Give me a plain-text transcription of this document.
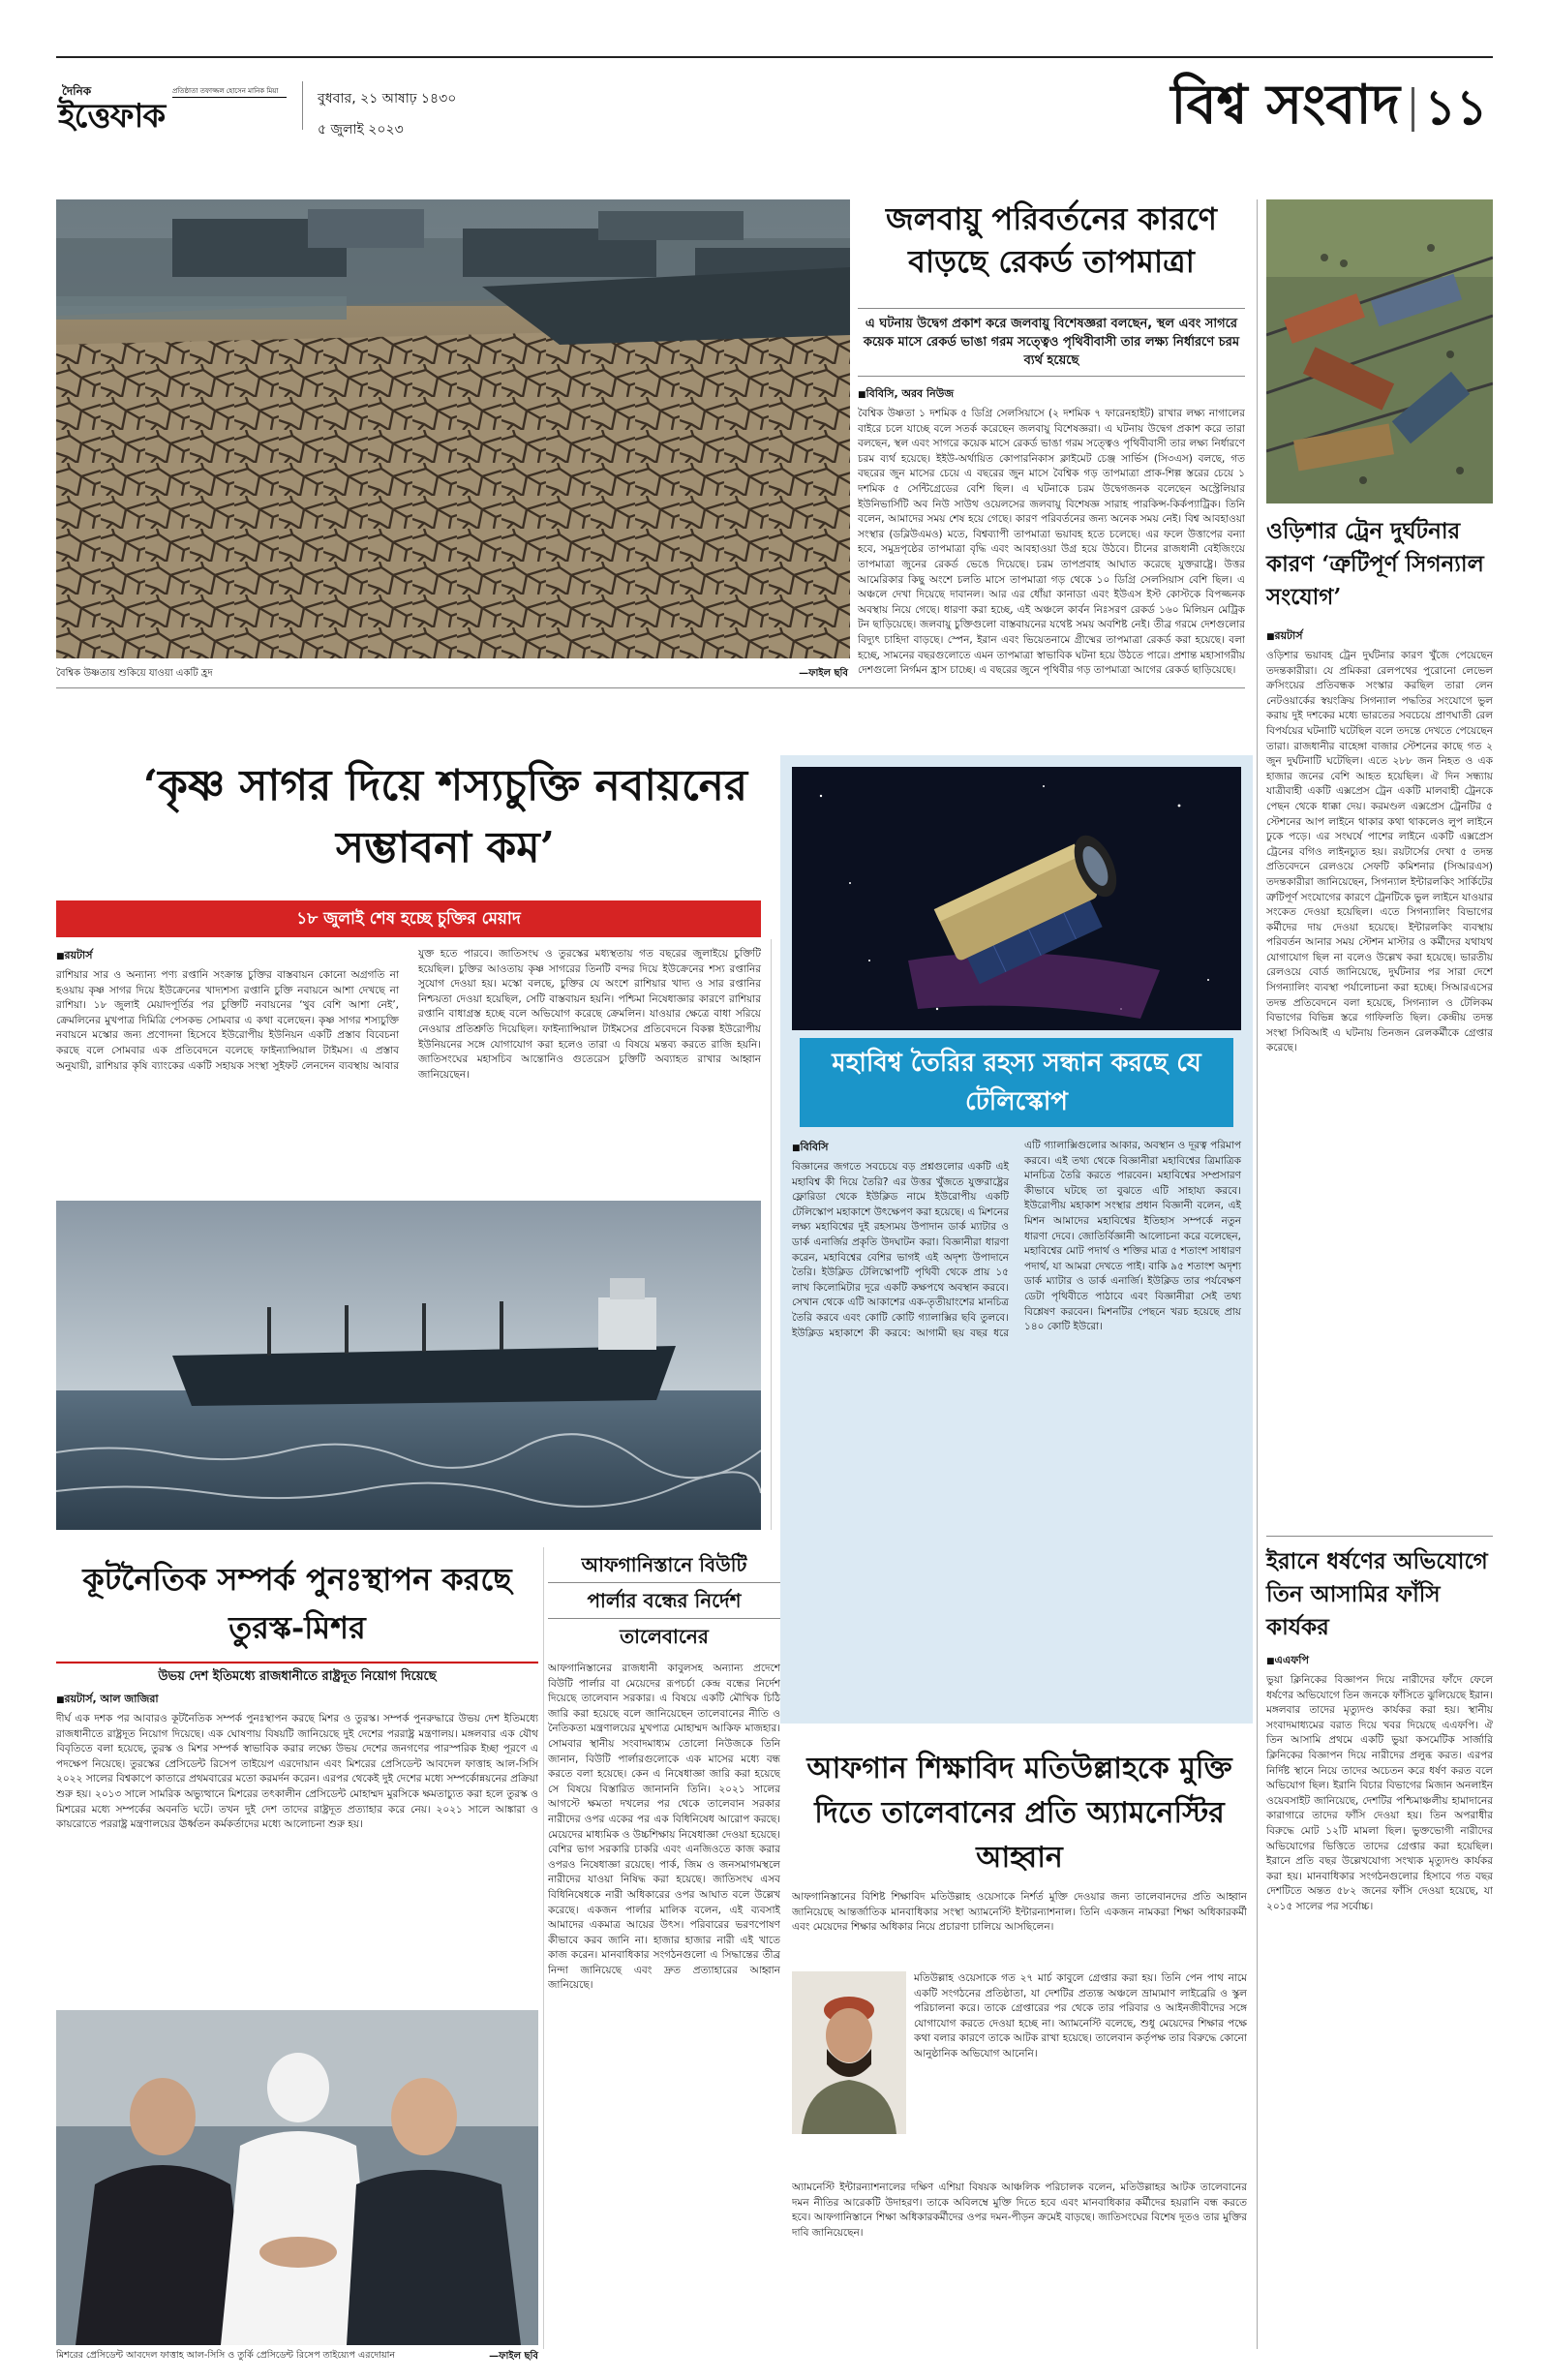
দৈনিক
ইত্তেফাক
প্রতিষ্ঠাতা তফাজ্জল হোসেন মানিক মিয়া	বুধবার, ২১ আষাঢ় ১৪৩০
৫ জুলাই ২০২৩	বিশ্ব সংবাদ ১১
বৈশ্বিক উষ্ণতায় শুকিয়ে যাওয়া একটি হ্রদ	—ফাইল ছবি
জলবায়ু পরিবর্তনের কারণে বাড়ছে রেকর্ড তাপমাত্রা
এ ঘটনায় উদ্বেগ প্রকাশ করে জলবায়ু বিশেষজ্ঞরা বলছেন, স্থল এবং সাগরে কয়েক মাসে রেকর্ড ভাঙা গরম সত্ত্বেও পৃথিবীবাসী তার লক্ষ্য নির্ধারণে চরম ব্যর্থ হয়েছে
■ বিবিসি, অরব নিউজ
বৈশ্বিক উষ্ণতা ১ দশমিক ৫ ডিগ্রি সেলসিয়াসে (২ দশমিক ৭ ফারেনহাইট) রাখার লক্ষ্য নাগালের বাইরে চলে যাচ্ছে বলে সতর্ক করেছেন জলবায়ু বিশেষজ্ঞরা। এ ঘটনায় উদ্বেগ প্রকাশ করে তারা বলছেন, স্থল এবং সাগরে কয়েক মাসে রেকর্ড ভাঙা গরম সত্ত্বেও পৃথিবীবাসী তার লক্ষ্য নির্ধারণে চরম ব্যর্থ হয়েছে। ইইউ-অর্থায়িত কোপারনিকাস ক্লাইমেট চেঞ্জ সার্ভিস (সি৩এস) বলছে, গত বছরের জুন মাসের চেয়ে এ বছরের জুন মাসে বৈশ্বিক গড় তাপমাত্রা প্রাক-শিল্প স্তরের চেয়ে ১ দশমিক ৫ সেন্টিগ্রেডের বেশি ছিল। এ ঘটনাকে চরম উদ্বেগজনক বলেছেন অস্ট্রেলিয়ার ইউনিভার্সিটি অব নিউ সাউথ ওয়েলসের জলবায়ু বিশেষজ্ঞ সারাহ পারকিন্স-কির্কপ্যাট্রিক। তিনি বলেন, আমাদের সময় শেষ হয়ে গেছে। কারণ পরিবর্তনের জন্য অনেক সময় নেই। বিশ্ব আবহাওয়া সংস্থার (ডব্লিউএমও) মতে, বিশ্বব্যাপী তাপমাত্রা ভয়াবহ হতে চলেছে। এর ফলে উত্তাপের বন্যা হবে, সমুদ্রপৃষ্ঠের তাপমাত্রা বৃদ্ধি এবং আবহাওয়া উগ্র হয়ে উঠবে। চীনের রাজধানী বেইজিংয়ে তাপমাত্রা জুনের রেকর্ড ভেঙে দিয়েছে। চরম তাপপ্রবাহ আঘাত করেছে যুক্তরাষ্ট্রে। উত্তর আমেরিকার কিছু অংশে চলতি মাসে তাপমাত্রা গড় থেকে ১০ ডিগ্রি সেলসিয়াস বেশি ছিল। এ অঞ্চলে দেখা দিয়েছে দাবানল। আর এর ধোঁয়া কানাডা এবং ইউএস ইস্ট কোস্টকে বিপজ্জনক অবস্থায় নিয়ে গেছে। ধারণা করা হচ্ছে, এই অঞ্চলে কার্বন নিঃসরণ রেকর্ড ১৬০ মিলিয়ন মেট্রিক টন ছাড়িয়েছে। জলবায়ু চুক্তিগুলো বাস্তবায়নের যথেষ্ট সময় অবশিষ্ট নেই। তীব্র গরমে দেশগুলোর বিদ্যুৎ চাহিদা বাড়ছে। স্পেন, ইরান এবং ভিয়েতনামে গ্রীষ্মের তাপমাত্রা রেকর্ড করা হয়েছে। বলা হচ্ছে, সামনের বছরগুলোতে এমন তাপমাত্রা স্বাভাবিক ঘটনা হয়ে উঠতে পারে। প্রশান্ত মহাসাগরীয় দেশগুলো নির্গমন হ্রাস চাচ্ছে। এ বছরের জুনে পৃথিবীর গড় তাপমাত্রা আগের রেকর্ড ছাড়িয়েছে।
ওড়িশার ট্রেন দুর্ঘটনার কারণ ‘ত্রুটিপূর্ণ সিগন্যাল সংযোগ’
■ রয়টার্স
ওড়িশার ভয়াবহ ট্রেন দুর্ঘটনার কারণ খুঁজে পেয়েছেন তদন্তকারীরা। যে প্রমিকরা রেলপথের পুরোনো লেভেল ক্রসিংয়ের প্রতিবন্ধক সংস্কার করছিল তারা লেন নেটওয়ার্কের স্বয়ংক্রিয় সিগন্যাল পদ্ধতির সংযোগে ভুল করায় দুই দশকের মধ্যে ভারতের সবচেয়ে প্রাণঘাতী রেল বিপর্যয়ের ঘটনাটি ঘটেছিল বলে তদন্তে দেখতে পেয়েছেন তারা। রাজধানীর বাহেঙ্গা বাজার স্টেশনের কাছে গত ২ জুন দুর্ঘটনাটি ঘটেছিল। এতে ২৮৮ জন নিহত ও এক হাজার জনের বেশি আহত হয়েছিল। ঐ দিন সন্ধ্যায় যাত্রীবাহী একটি এক্সপ্রেস ট্রেন একটি মালবাহী ট্রেনকে পেছন থেকে ধাক্কা দেয়। করমণ্ডল এক্সপ্রেস ট্রেনটির ৫ স্টেশনের আপ লাইনে থাকার কথা থাকলেও লুপ লাইনে ঢুকে পড়ে। এর সংঘর্ষে পাশের লাইনে একটি এক্সপ্রেস ট্রেনের বগিও লাইনচ্যুত হয়। রয়টার্সের দেখা ৫ তদন্ত প্রতিবেদনে রেলওয়ে সেফটি কমিশনার (সিআরএস) তদন্তকারীরা জানিয়েছেন, সিগন্যাল ইন্টারলকিং সার্কিটের ত্রুটিপূর্ণ সংযোগের কারণে ট্রেনটিকে ভুল লাইনে যাওয়ার সংকেত দেওয়া হয়েছিল। এতে সিগন্যালিং বিভাগের কর্মীদের দায় দেওয়া হয়েছে। ইন্টারলকিং ব্যবস্থায় পরিবর্তন আনার সময় স্টেশন মাস্টার ও কর্মীদের যথাযথ যোগাযোগ ছিল না বলেও উল্লেখ করা হয়েছে। ভারতীয় রেলওয়ে বোর্ড জানিয়েছে, দুর্ঘটনার পর সারা দেশে সিগন্যালিং ব্যবস্থা পর্যালোচনা করা হচ্ছে। সিআরএসের তদন্ত প্রতিবেদনে বলা হয়েছে, সিগন্যাল ও টেলিকম বিভাগের বিভিন্ন স্তরে গাফিলতি ছিল। কেন্দ্রীয় তদন্ত সংস্থা সিবিআই এ ঘটনায় তিনজন রেলকর্মীকে গ্রেপ্তার করেছে।
ইরানে ধর্ষণের অভিযোগে তিন আসামির ফাঁসি কার্যকর
■ এএফপি
ভুয়া ক্লিনিকের বিজ্ঞাপন দিয়ে নারীদের ফাঁদে ফেলে ধর্ষণের অভিযোগে তিন জনকে ফাঁসিতে ঝুলিয়েছে ইরান। মঙ্গলবার তাদের মৃত্যুদণ্ড কার্যকর করা হয়। স্থানীয় সংবাদমাধ্যমের বরাত দিয়ে খবর দিয়েছে এএফপি। ঐ তিন আসামি প্রথমে একটি ভুয়া কসমেটিক সার্জারি ক্লিনিকের বিজ্ঞাপন দিয়ে নারীদের প্রলুব্ধ করত। এরপর নির্দিষ্ট স্থানে নিয়ে তাদের অচেতন করে ধর্ষণ করত বলে অভিযোগ ছিল। ইরানি বিচার বিভাগের মিজান অনলাইন ওয়েবসাইট জানিয়েছে, দেশটির পশ্চিমাঞ্চলীয় হামাদানের কারাগারে তাদের ফাঁসি দেওয়া হয়। তিন অপরাধীর বিরুদ্ধে মোট ১২টি মামলা ছিল। ভুক্তভোগী নারীদের অভিযোগের ভিত্তিতে তাদের গ্রেপ্তার করা হয়েছিল। ইরানে প্রতি বছর উল্লেখযোগ্য সংখ্যক মৃত্যুদণ্ড কার্যকর করা হয়। মানবাধিকার সংগঠনগুলোর হিসাবে গত বছর দেশটিতে অন্তত ৫৮২ জনের ফাঁসি দেওয়া হয়েছে, যা ২০১৫ সালের পর সর্বোচ্চ।
‘কৃষ্ণ সাগর দিয়ে শস্যচুক্তি নবায়নের সম্ভাবনা কম’
১৮ জুলাই শেষ হচ্ছে চুক্তির মেয়াদ
■ রয়টার্স
রাশিয়ার সার ও অন্যান্য পণ্য রপ্তানি সংক্রান্ত চুক্তির বাস্তবায়ন কোনো অগ্রগতি না হওয়ায় কৃষ্ণ সাগর দিয়ে ইউক্রেনের খাদ্যশস্য রপ্তানি চুক্তি নবায়নে আশা দেখছে না রাশিয়া। ১৮ জুলাই মেয়াদপূর্তির পর চুক্তিটি নবায়নের ‘খুব বেশি আশা নেই’, ক্রেমলিনের মুখপাত্র দিমিত্রি পেসকভ সোমবার এ কথা বলেছেন। কৃষ্ণ সাগর শস্যচুক্তি নবায়নে মস্কোর জন্য প্রণোদনা হিসেবে ইউরোপীয় ইউনিয়ন একটি প্রস্তাব বিবেচনা করছে বলে সোমবার এক প্রতিবেদনে বলেছে ফাইন্যান্সিয়াল টাইমস। এ প্রস্তাব অনুযায়ী, রাশিয়ার কৃষি ব্যাংকের একটি সহায়ক সংস্থা সুইফট লেনদেন ব্যবস্থায় আবার যুক্ত হতে পারবে। জাতিসংঘ ও তুরস্কের মধ্যস্থতায় গত বছরের জুলাইয়ে চুক্তিটি হয়েছিল। চুক্তির আওতায় কৃষ্ণ সাগরের তিনটি বন্দর দিয়ে ইউক্রেনের শস্য রপ্তানির সুযোগ দেওয়া হয়। মস্কো বলছে, চুক্তির যে অংশে রাশিয়ার খাদ্য ও সার রপ্তানির নিশ্চয়তা দেওয়া হয়েছিল, সেটি বাস্তবায়ন হয়নি। পশ্চিমা নিষেধাজ্ঞার কারণে রাশিয়ার রপ্তানি বাধাগ্রস্ত হচ্ছে বলে অভিযোগ করেছে ক্রেমলিন। যাওয়ার ক্ষেত্রে বাধা সরিয়ে নেওয়ার প্রতিশ্রুতি দিয়েছিল। ফাইন্যান্সিয়াল টাইমসের প্রতিবেদনে বিকল্প ইউরোপীয় ইউনিয়নের সঙ্গে যোগাযোগ করা হলেও তারা এ বিষয়ে মন্তব্য করতে রাজি হয়নি। জাতিসংঘের মহাসচিব আন্তোনিও গুতেরেস চুক্তিটি অব্যাহত রাখার আহ্বান জানিয়েছেন।	মহাবিশ্ব তৈরির রহস্য সন্ধান করছে যে টেলিস্কোপ
■ বিবিসি
বিজ্ঞানের জগতে সবচেয়ে বড় প্রশ্নগুলোর একটি এই মহাবিশ্ব কী দিয়ে তৈরি? এর উত্তর খুঁজতে যুক্তরাষ্ট্রের ফ্লোরিডা থেকে ইউক্লিড নামে ইউরোপীয় একটি টেলিস্কোপ মহাকাশে উৎক্ষেপণ করা হয়েছে। এ মিশনের লক্ষ্য মহাবিশ্বের দুই রহস্যময় উপাদান ডার্ক ম্যাটার ও ডার্ক এনার্জির প্রকৃতি উদঘাটন করা। বিজ্ঞানীরা ধারণা করেন, মহাবিশ্বের বেশির ভাগই এই অদৃশ্য উপাদানে তৈরি। ইউক্লিড টেলিস্কোপটি পৃথিবী থেকে প্রায় ১৫ লাখ কিলোমিটার দূরে একটি কক্ষপথে অবস্থান করবে। সেখান থেকে এটি আকাশের এক-তৃতীয়াংশের মানচিত্র তৈরি করবে এবং কোটি কোটি গ্যালাক্সির ছবি তুলবে। ইউক্লিড মহাকাশে কী করবে: আগামী ছয় বছর ধরে এটি গ্যালাক্সিগুলোর আকার, অবস্থান ও দূরত্ব পরিমাপ করবে। এই তথ্য থেকে বিজ্ঞানীরা মহাবিশ্বের ত্রিমাত্রিক মানচিত্র তৈরি করতে পারবেন। মহাবিশ্বের সম্প্রসারণ কীভাবে ঘটছে তা বুঝতে এটি সাহায্য করবে। ইউরোপীয় মহাকাশ সংস্থার প্রধান বিজ্ঞানী বলেন, এই মিশন আমাদের মহাবিশ্বের ইতিহাস সম্পর্কে নতুন ধারণা দেবে। জোতির্বিজ্ঞানী আলোচনা করে বলেছেন, মহাবিশ্বের মোট পদার্থ ও শক্তির মাত্র ৫ শতাংশ সাধারণ পদার্থ, যা আমরা দেখতে পাই। বাকি ৯৫ শতাংশ অদৃশ্য ডার্ক ম্যাটার ও ডার্ক এনার্জি। ইউক্লিড তার পর্যবেক্ষণ ডেটা পৃথিবীতে পাঠাবে এবং বিজ্ঞানীরা সেই তথ্য বিশ্লেষণ করবেন। মিশনটির পেছনে খরচ হয়েছে প্রায় ১৪০ কোটি ইউরো।
কূটনৈতিক সম্পর্ক পুনঃস্থাপন করছে তুরস্ক-মিশর
উভয় দেশ ইতিমধ্যে রাজধানীতে রাষ্ট্রদূত নিয়োগ দিয়েছে
■ রয়টার্স, আল জাজিরা
দীর্ঘ এক দশক পর আবারও কূটনৈতিক সম্পর্ক পুনঃস্থাপন করছে মিশর ও তুরস্ক। সম্পর্ক পুনরুদ্ধারে উভয় দেশ ইতিমধ্যে রাজধানীতে রাষ্ট্রদূত নিয়োগ দিয়েছে। এক ঘোষণায় বিষয়টি জানিয়েছে দুই দেশের পররাষ্ট্র মন্ত্রণালয়। মঙ্গলবার এক যৌথ বিবৃতিতে বলা হয়েছে, তুরস্ক ও মিশর সম্পর্ক স্বাভাবিক করার লক্ষ্যে উভয় দেশের জনগণের পারস্পরিক ইচ্ছা পূরণে এ পদক্ষেপ নিয়েছে। তুরস্কের প্রেসিডেন্ট রিসেপ তাইয়েপ এরদোয়ান এবং মিশরের প্রেসিডেন্ট আবদেল ফাত্তাহ আল-সিসি ২০২২ সালের বিশ্বকাপে কাতারে প্রথমবারের মতো করমর্দন করেন। এরপর থেকেই দুই দেশের মধ্যে সম্পর্কোন্নয়নের প্রক্রিয়া শুরু হয়। ২০১৩ সালে সামরিক অভ্যুত্থানে মিশরের তৎকালীন প্রেসিডেন্ট মোহাম্মদ মুরসিকে ক্ষমতাচ্যুত করা হলে তুরস্ক ও মিশরের মধ্যে সম্পর্কের অবনতি ঘটে। তখন দুই দেশ তাদের রাষ্ট্রদূত প্রত্যাহার করে নেয়। ২০২১ সালে আঙ্কারা ও কায়রোতে পররাষ্ট্র মন্ত্রণালয়ের ঊর্ধ্বতন কর্মকর্তাদের মধ্যে আলোচনা শুরু হয়।
মিশরের প্রেসিডেন্ট আবদেল ফাত্তাহ আল-সিসি ও তুর্কি প্রেসিডেন্ট রিসেপ তাইয়্যেপ এরদোয়ান	—ফাইল ছবি
আফগানিস্তানে বিউটি
পার্লার বন্ধের নির্দেশ
তালেবানের
আফগানিস্তানের রাজধানী কাবুলসহ অন্যান্য প্রদেশে বিউটি পার্লার বা মেয়েদের রূপচর্চা কেন্দ্র বন্ধের নির্দেশ দিয়েছে তালেবান সরকার। এ বিষয়ে একটি মৌখিক চিঠি জারি করা হয়েছে বলে জানিয়েছেন তালেবানের নীতি ও নৈতিকতা মন্ত্রণালয়ের মুখপাত্র মোহাম্মদ আকিফ মাজহার। সোমবার স্থানীয় সংবাদমাধ্যম তোলো নিউজকে তিনি জানান, বিউটি পার্লারগুলোকে এক মাসের মধ্যে বন্ধ করতে বলা হয়েছে। কেন এ নিষেধাজ্ঞা জারি করা হয়েছে সে বিষয়ে বিস্তারিত জানাননি তিনি। ২০২১ সালের আগস্টে ক্ষমতা দখলের পর থেকে তালেবান সরকার নারীদের ওপর একের পর এক বিধিনিষেধ আরোপ করছে। মেয়েদের মাধ্যমিক ও উচ্চশিক্ষায় নিষেধাজ্ঞা দেওয়া হয়েছে। বেশির ভাগ সরকারি চাকরি এবং এনজিওতে কাজ করার ওপরও নিষেধাজ্ঞা রয়েছে। পার্ক, জিম ও জনসমাগমস্থলে নারীদের যাওয়া নিষিদ্ধ করা হয়েছে। জাতিসংঘ এসব বিধিনিষেধকে নারী অধিকারের ওপর আঘাত বলে উল্লেখ করেছে। একজন পার্লার মালিক বলেন, এই ব্যবসাই আমাদের একমাত্র আয়ের উৎস। পরিবারের ভরণপোষণ কীভাবে করব জানি না। হাজার হাজার নারী এই খাতে কাজ করেন। মানবাধিকার সংগঠনগুলো এ সিদ্ধান্তের তীব্র নিন্দা জানিয়েছে এবং দ্রুত প্রত্যাহারের আহ্বান জানিয়েছে।
আফগান শিক্ষাবিদ মতিউল্লাহকে মুক্তি দিতে তালেবানের প্রতি অ্যামনেস্টির আহ্বান
আফগানিস্তানের বিশিষ্ট শিক্ষাবিদ মতিউল্লাহ ওয়েসাকে নির্শর্ত মুক্তি দেওয়ার জন্য তালেবানদের প্রতি আহ্বান জানিয়েছে আন্তর্জাতিক মানবাধিকার সংস্থা অ্যামনেস্টি ইন্টারন্যাশনাল। তিনি একজন নামকরা শিক্ষা অধিকারকর্মী এবং মেয়েদের শিক্ষার অধিকার নিয়ে প্রচারণা চালিয়ে আসছিলেন।
মতিউল্লাহ ওয়েসাকে গত ২৭ মার্চ কাবুলে গ্রেপ্তার করা হয়। তিনি পেন পাথ নামে একটি সংগঠনের প্রতিষ্ঠাতা, যা দেশটির প্রত্যন্ত অঞ্চলে ভ্রাম্যমাণ লাইব্রেরি ও স্কুল পরিচালনা করে। তাকে গ্রেপ্তারের পর থেকে তার পরিবার ও আইনজীবীদের সঙ্গে যোগাযোগ করতে দেওয়া হচ্ছে না। অ্যামনেস্টি বলেছে, শুধু মেয়েদের শিক্ষার পক্ষে কথা বলার কারণে তাকে আটক রাখা হয়েছে। তালেবান কর্তৃপক্ষ তার বিরুদ্ধে কোনো আনুষ্ঠানিক অভিযোগ আনেনি।
অ্যামনেস্টি ইন্টারন্যাশনালের দক্ষিণ এশিয়া বিষয়ক আঞ্চলিক পরিচালক বলেন, মতিউল্লাহর আটক তালেবানের দমন নীতির আরেকটি উদাহরণ। তাকে অবিলম্বে মুক্তি দিতে হবে এবং মানবাধিকার কর্মীদের হয়রানি বন্ধ করতে হবে। আফগানিস্তানে শিক্ষা অধিকারকর্মীদের ওপর দমন-পীড়ন ক্রমেই বাড়ছে। জাতিসংঘের বিশেষ দূতও তার মুক্তির দাবি জানিয়েছেন।
